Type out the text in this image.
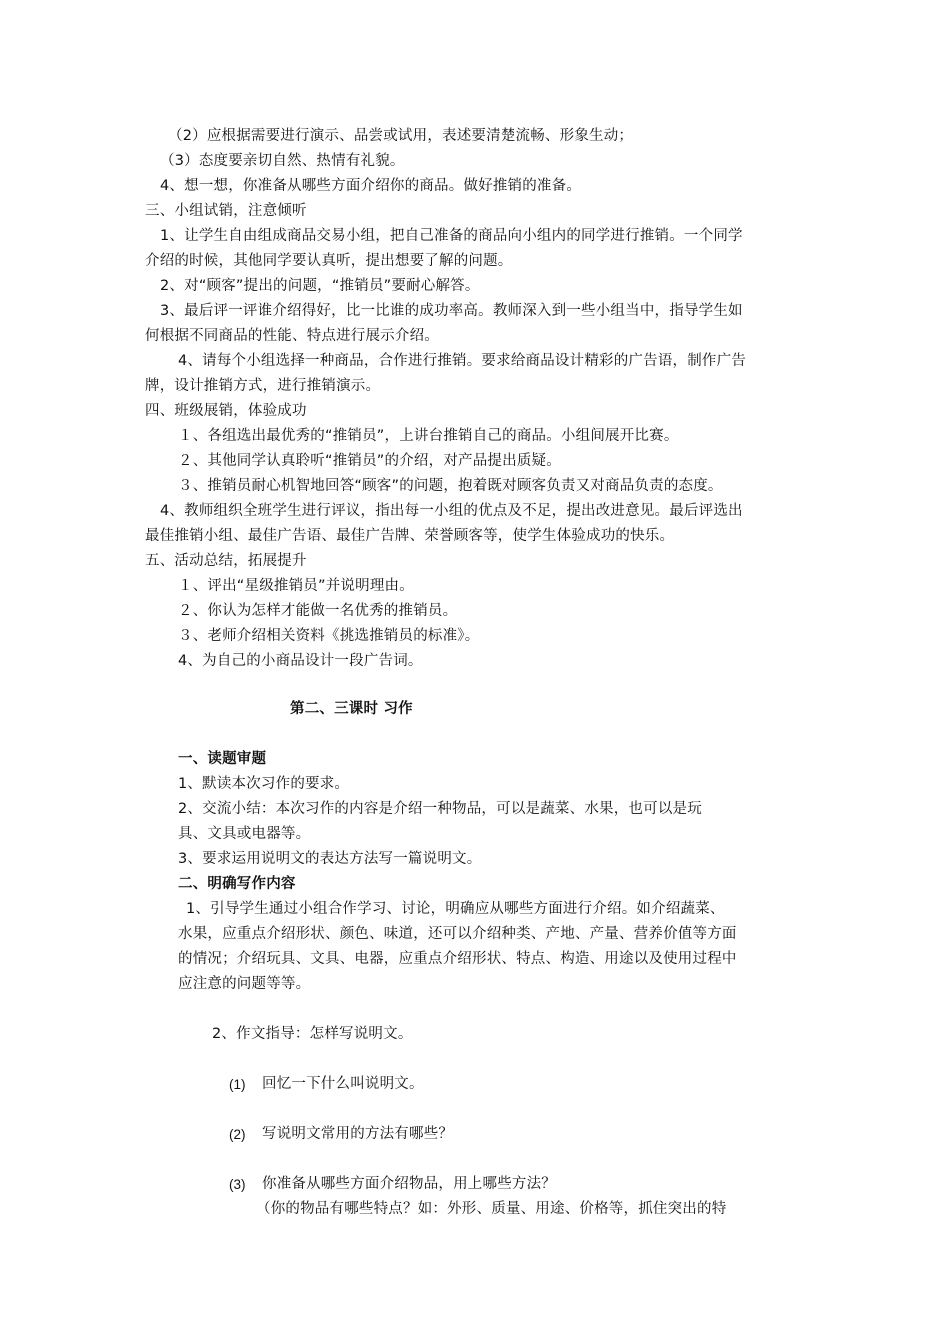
（2）应根据需要进行演示、品尝或试用，表述要清楚流畅、形象生动；
（3）态度要亲切自然、热情有礼貌。
4、想一想，你准备从哪些方面介绍你的商品。做好推销的准备。
三、小组试销，注意倾听
1、让学生自由组成商品交易小组，把自己准备的商品向小组内的同学进行推销。一个同学
介绍的时候，其他同学要认真听，提出想要了解的问题。
2、对“顾客”提出的问题，“推销员”要耐心解答。
3、最后评一评谁介绍得好，比一比谁的成功率高。教师深入到一些小组当中，指导学生如
何根据不同商品的性能、特点进行展示介绍。
4、请每个小组选择一种商品，合作进行推销。要求给商品设计精彩的广告语，制作广告
牌，设计推销方式，进行推销演示。
四、班级展销，体验成功
１、各组选出最优秀的“推销员”，上讲台推销自己的商品。小组间展开比赛。
２、其他同学认真聆听“推销员”的介绍，对产品提出质疑。
３、推销员耐心机智地回答“顾客”的问题，抱着既对顾客负责又对商品负责的态度。
4、教师组织全班学生进行评议，指出每一小组的优点及不足，提出改进意见。最后评选出
最佳推销小组、最佳广告语、最佳广告牌、荣誉顾客等，使学生体验成功的快乐。
五、活动总结，拓展提升
１、评出“星级推销员”并说明理由。
２、你认为怎样才能做一名优秀的推销员。
３、老师介绍相关资料《挑选推销员的标准》。
4、为自己的小商品设计一段广告词。
第二、三课时 习作
一、读题审题
1、默读本次习作的要求。
2、交流小结：本次习作的内容是介绍一种物品，可以是蔬菜、水果，也可以是玩
具、文具或电器等。
3、要求运用说明文的表达方法写一篇说明文。
二、明确写作内容
1、引导学生通过小组合作学习、讨论，明确应从哪些方面进行介绍。如介绍蔬菜、
水果，应重点介绍形状、颜色、味道，还可以介绍种类、产地、产量、营养价值等方面
的情况；介绍玩具、文具、电器，应重点介绍形状、特点、构造、用途以及使用过程中
应注意的问题等等。
2、作文指导：怎样写说明文。
(1) 回忆一下什么叫说明文。
(2) 写说明文常用的方法有哪些？
(3) 你准备从哪些方面介绍物品，用上哪些方法？
（你的物品有哪些特点？如：外形、质量、用途、价格等，抓住突出的特
